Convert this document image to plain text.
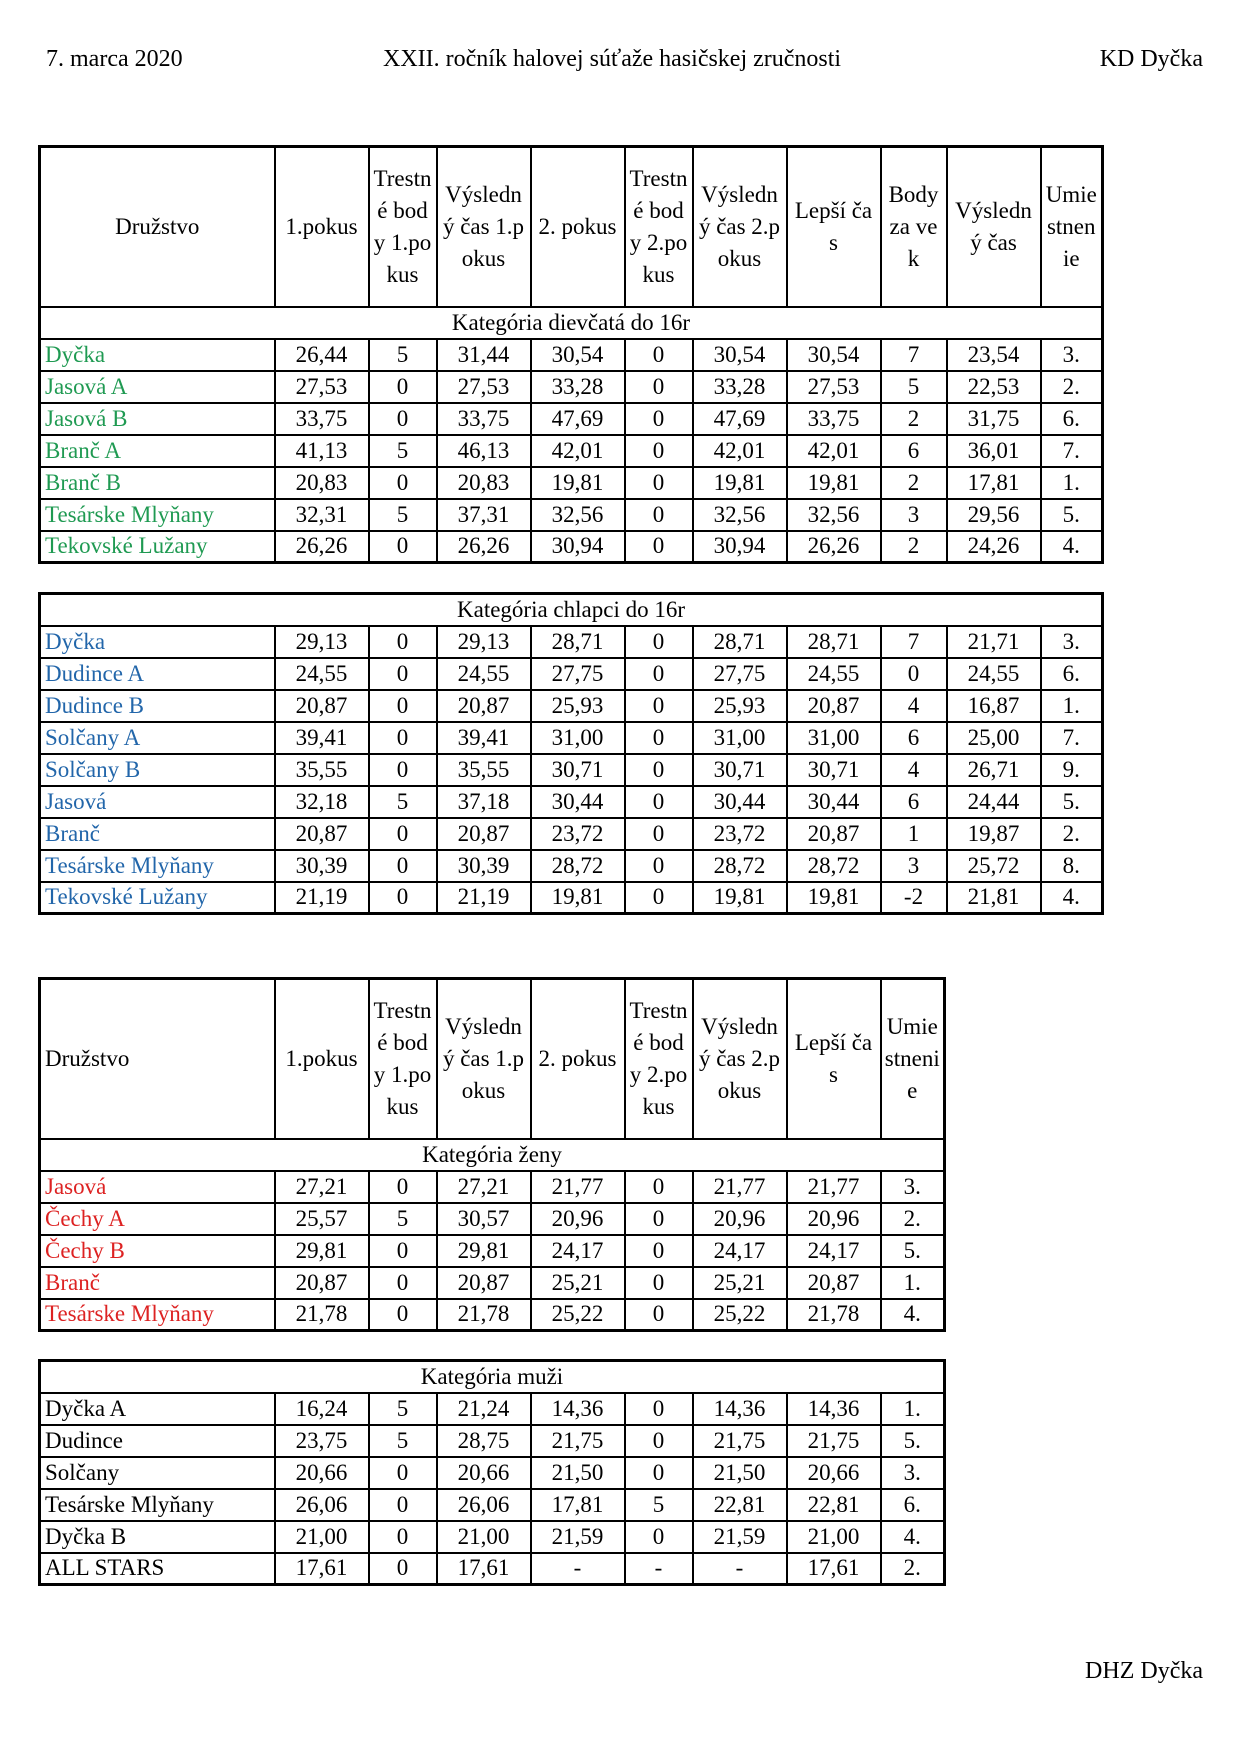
7. marca 2020	XXII. ročník halovej súťaže hasičskej zručnosti	KD Dyčka
Družstvo	1.pokus	Trestné body 1.pokus	Výsledný čas 1.pokus	2. pokus	Trestné body 2.pokus	Výsledný čas 2.pokus	Lepší čas	Body za vek	Výsledný čas	Umiestnenie
Kategória dievčatá do 16r										
Dyčka	26,44	5	31,44	30,54	0	30,54	30,54	7	23,54	3.
Jasová A	27,53	0	27,53	33,28	0	33,28	27,53	5	22,53	2.
Jasová B	33,75	0	33,75	47,69	0	47,69	33,75	2	31,75	6.
Branč A	41,13	5	46,13	42,01	0	42,01	42,01	6	36,01	7.
Branč B	20,83	0	20,83	19,81	0	19,81	19,81	2	17,81	1.
Tesárske Mlyňany	32,31	5	37,31	32,56	0	32,56	32,56	3	29,56	5.
Tekovské Lužany	26,26	0	26,26	30,94	0	30,94	26,26	2	24,26	4.
Kategória chlapci do 16r										
Dyčka	29,13	0	29,13	28,71	0	28,71	28,71	7	21,71	3.
Dudince A	24,55	0	24,55	27,75	0	27,75	24,55	0	24,55	6.
Dudince B	20,87	0	20,87	25,93	0	25,93	20,87	4	16,87	1.
Solčany A	39,41	0	39,41	31,00	0	31,00	31,00	6	25,00	7.
Solčany B	35,55	0	35,55	30,71	0	30,71	30,71	4	26,71	9.
Jasová	32,18	5	37,18	30,44	0	30,44	30,44	6	24,44	5.
Branč	20,87	0	20,87	23,72	0	23,72	20,87	1	19,87	2.
Tesárske Mlyňany	30,39	0	30,39	28,72	0	28,72	28,72	3	25,72	8.
Tekovské Lužany	21,19	0	21,19	19,81	0	19,81	19,81	-2	21,81	4.
Družstvo	1.pokus	Trestné body 1.pokus	Výsledný čas 1.pokus	2. pokus	Trestné body 2.pokus	Výsledný čas 2.pokus	Lepší čas	Umiestnenie
Kategória ženy								
Jasová	27,21	0	27,21	21,77	0	21,77	21,77	3.
Čechy A	25,57	5	30,57	20,96	0	20,96	20,96	2.
Čechy B	29,81	0	29,81	24,17	0	24,17	24,17	5.
Branč	20,87	0	20,87	25,21	0	25,21	20,87	1.
Tesárske Mlyňany	21,78	0	21,78	25,22	0	25,22	21,78	4.
Kategória muži								
Dyčka A	16,24	5	21,24	14,36	0	14,36	14,36	1.
Dudince	23,75	5	28,75	21,75	0	21,75	21,75	5.
Solčany	20,66	0	20,66	21,50	0	21,50	20,66	3.
Tesárske Mlyňany	26,06	0	26,06	17,81	5	22,81	22,81	6.
Dyčka B	21,00	0	21,00	21,59	0	21,59	21,00	4.
ALL STARS	17,61	0	17,61	-	-	-	17,61	2.
DHZ Dyčka
